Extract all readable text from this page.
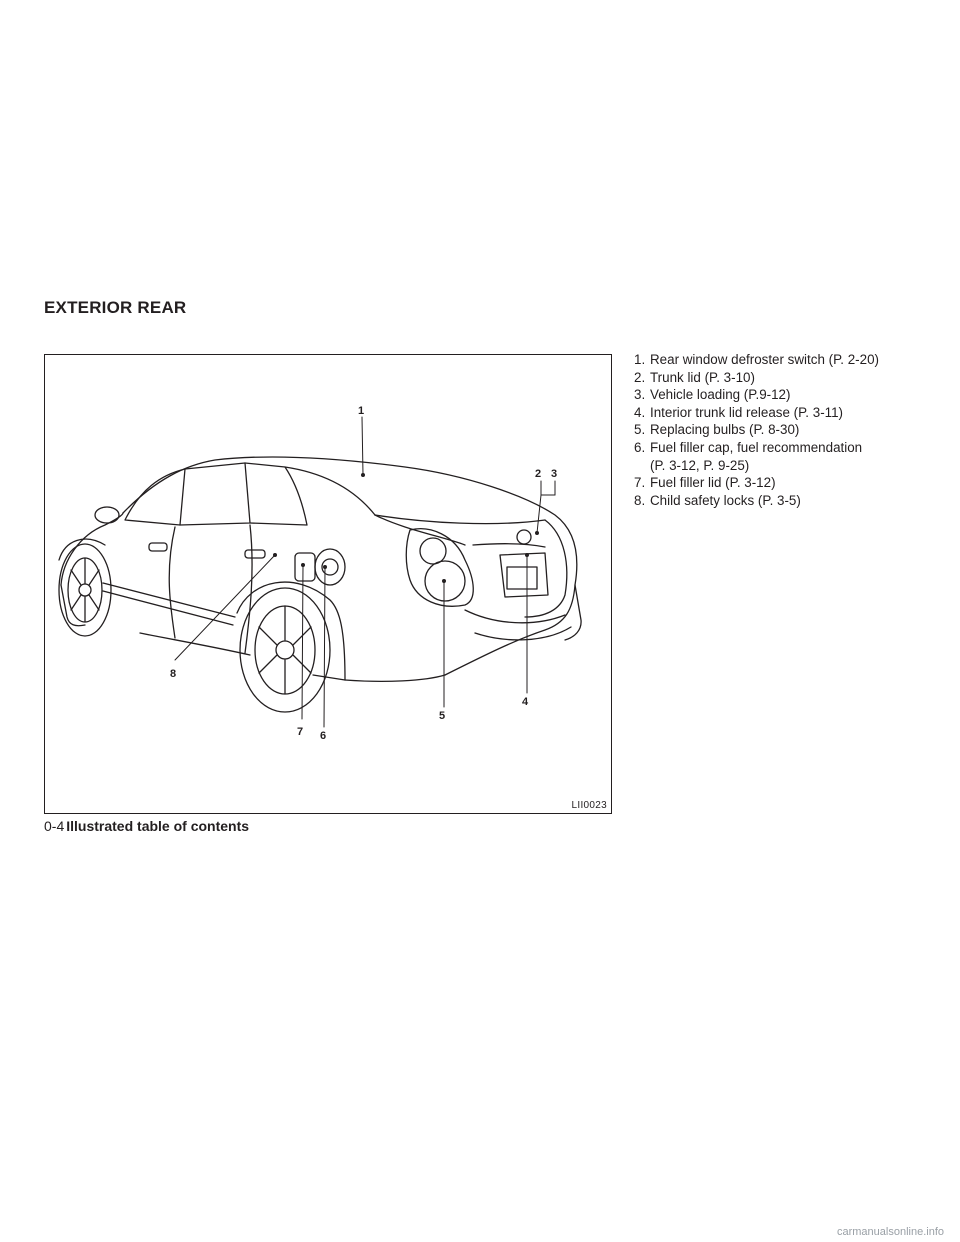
EXTERIOR REAR
1
2 3
4
5
6
7
8
LII0023
1. Rear window defroster switch (P. 2-20)
2. Trunk lid (P. 3-10)
3. Vehicle loading (P.9-12)
4. Interior trunk lid release (P. 3-11)
5. Replacing bulbs (P. 8-30)
6. Fuel filler cap, fuel recommendation
(P. 3-12, P. 9-25)
7. Fuel filler lid (P. 3-12)
8. Child safety locks (P. 3-5)

0-4 Illustrated table of contents

carmanualsonline.info
